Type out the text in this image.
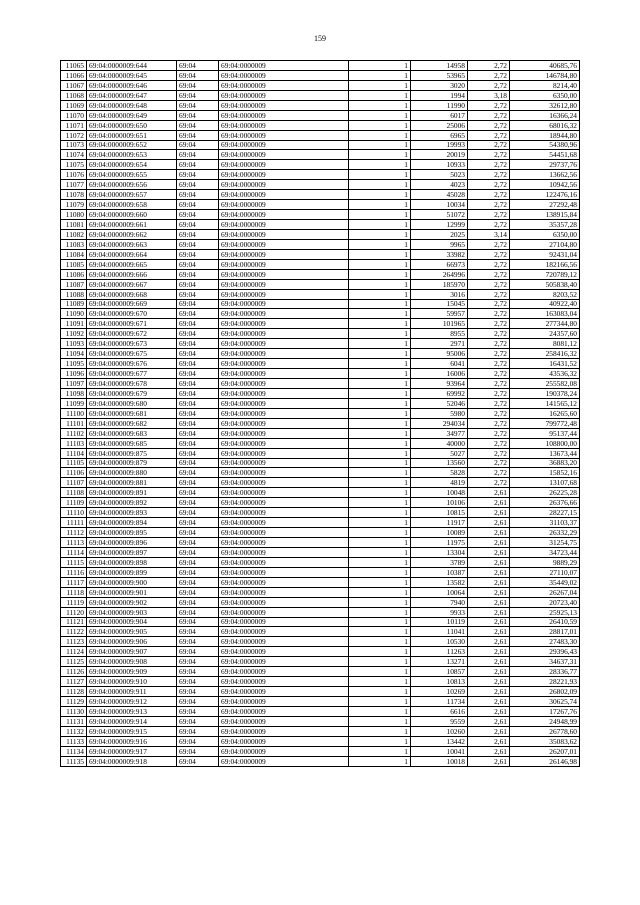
159
11065	69:04:0000009:644	69:04	69:04:0000009	1	14958	2,72	40685,76
11066	69:04:0000009:645	69:04	69:04:0000009	1	53965	2,72	146784,80
11067	69:04:0000009:646	69:04	69:04:0000009	1	3020	2,72	8214,40
11068	69:04:0000009:647	69:04	69:04:0000009	1	1994	3,18	6350,00
11069	69:04:0000009:648	69:04	69:04:0000009	1	11990	2,72	32612,80
11070	69:04:0000009:649	69:04	69:04:0000009	1	6017	2,72	16366,24
11071	69:04:0000009:650	69:04	69:04:0000009	1	25006	2,72	68016,32
11072	69:04:0000009:651	69:04	69:04:0000009	1	6965	2,72	18944,80
11073	69:04:0000009:652	69:04	69:04:0000009	1	19993	2,72	54380,96
11074	69:04:0000009:653	69:04	69:04:0000009	1	20019	2,72	54451,68
11075	69:04:0000009:654	69:04	69:04:0000009	1	10933	2,72	29737,76
11076	69:04:0000009:655	69:04	69:04:0000009	1	5023	2,72	13662,56
11077	69:04:0000009:656	69:04	69:04:0000009	1	4023	2,72	10942,56
11078	69:04:0000009:657	69:04	69:04:0000009	1	45028	2,72	122476,16
11079	69:04:0000009:658	69:04	69:04:0000009	1	10034	2,72	27292,48
11080	69:04:0000009:660	69:04	69:04:0000009	1	51072	2,72	138915,84
11081	69:04:0000009:661	69:04	69:04:0000009	1	12999	2,72	35357,28
11082	69:04:0000009:662	69:04	69:04:0000009	1	2025	3,14	6350,00
11083	69:04:0000009:663	69:04	69:04:0000009	1	9965	2,72	27104,80
11084	69:04:0000009:664	69:04	69:04:0000009	1	33982	2,72	92431,04
11085	69:04:0000009:665	69:04	69:04:0000009	1	66973	2,72	182166,56
11086	69:04:0000009:666	69:04	69:04:0000009	1	264996	2,72	720789,12
11087	69:04:0000009:667	69:04	69:04:0000009	1	185970	2,72	505838,40
11088	69:04:0000009:668	69:04	69:04:0000009	1	3016	2,72	8203,52
11089	69:04:0000009:669	69:04	69:04:0000009	1	15045	2,72	40922,40
11090	69:04:0000009:670	69:04	69:04:0000009	1	59957	2,72	163083,04
11091	69:04:0000009:671	69:04	69:04:0000009	1	101965	2,72	277344,80
11092	69:04:0000009:672	69:04	69:04:0000009	1	8955	2,72	24357,60
11093	69:04:0000009:673	69:04	69:04:0000009	1	2971	2,72	8081,12
11094	69:04:0000009:675	69:04	69:04:0000009	1	95006	2,72	258416,32
11095	69:04:0000009:676	69:04	69:04:0000009	1	6041	2,72	16431,52
11096	69:04:0000009:677	69:04	69:04:0000009	1	16006	2,72	43536,32
11097	69:04:0000009:678	69:04	69:04:0000009	1	93964	2,72	255582,08
11098	69:04:0000009:679	69:04	69:04:0000009	1	69992	2,72	190378,24
11099	69:04:0000009:680	69:04	69:04:0000009	1	52046	2,72	141565,12
11100	69:04:0000009:681	69:04	69:04:0000009	1	5980	2,72	16265,60
11101	69:04:0000009:682	69:04	69:04:0000009	1	294034	2,72	799772,48
11102	69:04:0000009:683	69:04	69:04:0000009	1	34977	2,72	95137,44
11103	69:04:0000009:685	69:04	69:04:0000009	1	40000	2,72	108800,00
11104	69:04:0000009:875	69:04	69:04:0000009	1	5027	2,72	13673,44
11105	69:04:0000009:879	69:04	69:04:0000009	1	13560	2,72	36883,20
11106	69:04:0000009:880	69:04	69:04:0000009	1	5828	2,72	15852,16
11107	69:04:0000009:881	69:04	69:04:0000009	1	4819	2,72	13107,68
11108	69:04:0000009:891	69:04	69:04:0000009	1	10048	2,61	26225,28
11109	69:04:0000009:892	69:04	69:04:0000009	1	10106	2,61	26376,66
11110	69:04:0000009:893	69:04	69:04:0000009	1	10815	2,61	28227,15
11111	69:04:0000009:894	69:04	69:04:0000009	1	11917	2,61	31103,37
11112	69:04:0000009:895	69:04	69:04:0000009	1	10089	2,61	26332,29
11113	69:04:0000009:896	69:04	69:04:0000009	1	11975	2,61	31254,75
11114	69:04:0000009:897	69:04	69:04:0000009	1	13304	2,61	34723,44
11115	69:04:0000009:898	69:04	69:04:0000009	1	3789	2,61	9889,29
11116	69:04:0000009:899	69:04	69:04:0000009	1	10387	2,61	27110,07
11117	69:04:0000009:900	69:04	69:04:0000009	1	13582	2,61	35449,02
11118	69:04:0000009:901	69:04	69:04:0000009	1	10064	2,61	26267,04
11119	69:04:0000009:902	69:04	69:04:0000009	1	7940	2,61	20723,40
11120	69:04:0000009:903	69:04	69:04:0000009	1	9933	2,61	25925,13
11121	69:04:0000009:904	69:04	69:04:0000009	1	10119	2,61	26410,59
11122	69:04:0000009:905	69:04	69:04:0000009	1	11041	2,61	28817,01
11123	69:04:0000009:906	69:04	69:04:0000009	1	10530	2,61	27483,30
11124	69:04:0000009:907	69:04	69:04:0000009	1	11263	2,61	29396,43
11125	69:04:0000009:908	69:04	69:04:0000009	1	13271	2,61	34637,31
11126	69:04:0000009:909	69:04	69:04:0000009	1	10857	2,61	28336,77
11127	69:04:0000009:910	69:04	69:04:0000009	1	10813	2,61	28221,93
11128	69:04:0000009:911	69:04	69:04:0000009	1	10269	2,61	26802,09
11129	69:04:0000009:912	69:04	69:04:0000009	1	11734	2,61	30625,74
11130	69:04:0000009:913	69:04	69:04:0000009	1	6616	2,61	17267,76
11131	69:04:0000009:914	69:04	69:04:0000009	1	9559	2,61	24948,99
11132	69:04:0000009:915	69:04	69:04:0000009	1	10260	2,61	26778,60
11133	69:04:0000009:916	69:04	69:04:0000009	1	13442	2,61	35083,62
11134	69:04:0000009:917	69:04	69:04:0000009	1	10041	2,61	26207,01
11135	69:04:0000009:918	69:04	69:04:0000009	1	10018	2,61	26146,98
